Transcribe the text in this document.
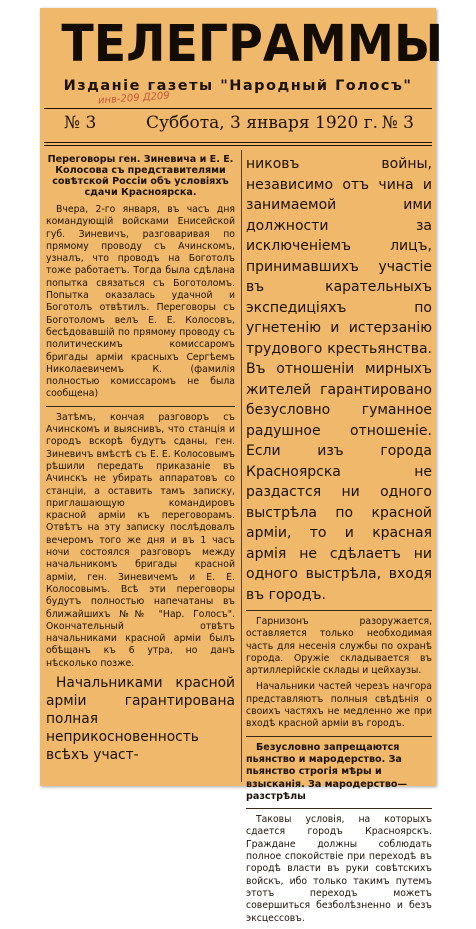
ТЕЛЕГРАММЫ
Изданіе газеты "Народный Голосъ"
инв-209 Д209
№ 3	Суббота, 3 января 1920 г. № 3

Переговоры ген. Зиневича и Е. Е. Колосова съ представителями совѣтской Россіи объ условіяхъ сдачи Красноярска.

Вчера, 2-го января, въ часъ дня командующій войсками Енисейской губ. Зиневичъ, разговаривая по прямому проводу съ Ачинскомъ, узналъ, что проводъ на Боготолъ тоже работаетъ. Тогда была сдѣлана попытка связаться съ Боготоломъ. Попытка оказалась удачной и Боготолъ отвѣтилъ. Переговоры съ Боготоломъ велъ Е. Е. Колосовъ, бесѣдовавшій по прямому проводу съ политическимъ комиссаромъ бригады арміи красныхъ Сергѣемъ Николаевичемъ К. (фамилія полностью комиссаромъ не была сообщена)

Затѣмъ, кончая разговоръ съ Ачинскомъ и выяснивъ, что станція и городъ вскорѣ будутъ сданы, ген. Зиневичъ вмѣстѣ съ Е. Е. Колосовымъ рѣшили передать приказаніе въ Ачинскъ не убирать аппаратовъ со станціи, а оставить тамъ записку, приглашающую командировъ красной арміи къ переговорамъ. Отвѣтъ на эту записку послѣдовалъ вечеромъ того же дня и въ 1 часъ ночи состоялся разговоръ между начальникомъ бригады красной арміи, ген. Зиневичемъ и Е. Е. Колосовымъ. Всѣ эти переговоры будутъ полностью напечатаны въ ближайшихъ №№ "Нар. Голосъ". Окончательный отвѣтъ начальниками красной арміи былъ обѣщанъ къ 6 утра, но данъ нѣсколько позже.

Начальниками красной арміи гарантирована полная неприкосновенность всѣхъ участ-

никовъ войны, независимо отъ чина и занимаемой ими должности за исключеніемъ лицъ, принимавшихъ участіе въ карательныхъ экспедиціяхъ по угнетенію и истерзанію трудового крестьянства. Въ отношеніи мирныхъ жителей гарантировано безусловно гуманное радушное отношеніе. Если изъ города Красноярска не раздастся ни одного выстрѣла по красной арміи, то и красная армія не сдѣлаетъ ни одного выстрѣла, входя въ городъ.

Гарнизонъ разоружается, оставляется только необходимая часть для несенія службы по охранѣ города. Оружіе складывается въ артиллерійскіе склады и цейхаузы.

Начальники частей черезъ начгора представляютъ полныя свѣдѣнія о своихъ частяхъ не медленно же при входѣ красной арміи въ городъ.

Безусловно запрещаются пьянство и мародерство. За пьянство строгія мѣры и взысканія. За мародерство—разстрѣлы

Таковы условія, на которыхъ сдается городъ Красноярскъ. Граждане должны соблюдать полное спокойствіе при переходѣ въ городѣ власти въ руки совѣтскихъ войскъ, ибо только такимъ путемъ этотъ переходъ можетъ совершиться безболѣзненно и безъ эксцессовъ.
